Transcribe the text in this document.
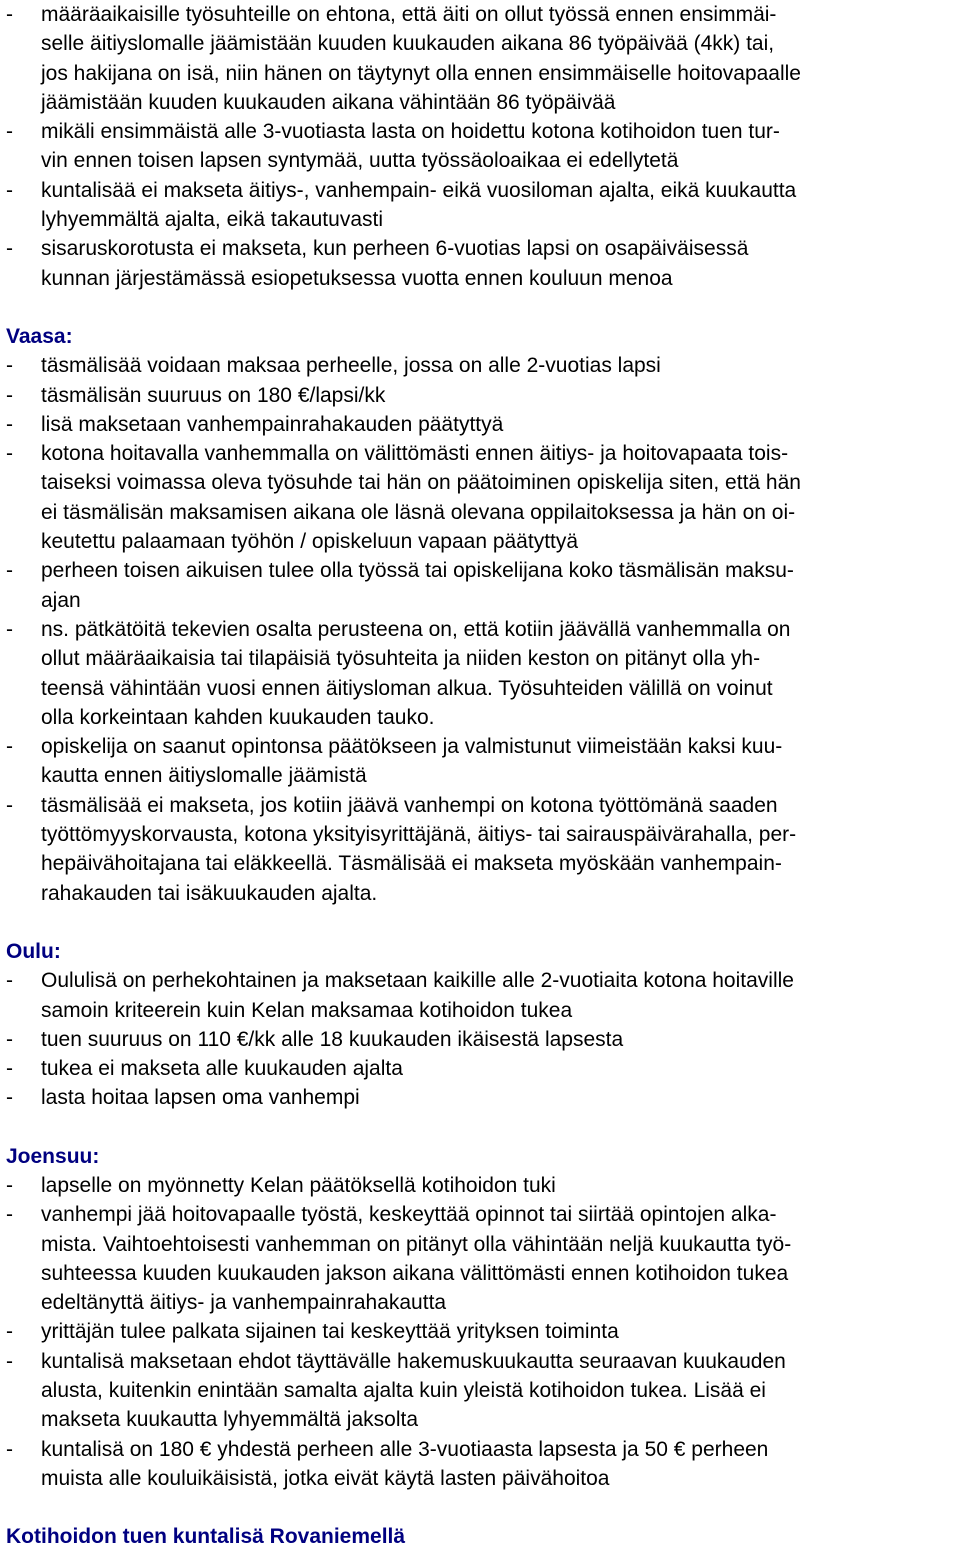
- määräaikaisille työsuhteille on ehtona, että äiti on ollut työssä ennen ensimmäi-
selle äitiyslomalle jäämistään kuuden kuukauden aikana 86 työpäivää (4kk) tai,
jos hakijana on isä, niin hänen on täytynyt olla ennen ensimmäiselle hoitovapaalle
jäämistään kuuden kuukauden aikana vähintään 86 työpäivää
- mikäli ensimmäistä alle 3-vuotiasta lasta on hoidettu kotona kotihoidon tuen tur-
vin ennen toisen lapsen syntymää, uutta työssäoloaikaa ei edellytetä
- kuntalisää ei makseta äitiys-, vanhempain- eikä vuosiloman ajalta, eikä kuukautta
lyhyemmältä ajalta, eikä takautuvasti
- sisaruskorotusta ei makseta, kun perheen 6-vuotias lapsi on osapäiväisessä
kunnan järjestämässä esiopetuksessa vuotta ennen kouluun menoa
Vaasa:
- täsmälisää voidaan maksaa perheelle, jossa on alle 2-vuotias lapsi
- täsmälisän suuruus on 180 €/lapsi/kk
- lisä maksetaan vanhempainrahakauden päätyttyä
- kotona hoitavalla vanhemmalla on välittömästi ennen äitiys- ja hoitovapaata tois-
taiseksi voimassa oleva työsuhde tai hän on päätoiminen opiskelija siten, että hän
ei täsmälisän maksamisen aikana ole läsnä olevana oppilaitoksessa ja hän on oi-
keutettu palaamaan työhön / opiskeluun vapaan päätyttyä
- perheen toisen aikuisen tulee olla työssä tai opiskelijana koko täsmälisän maksu-
ajan
- ns. pätkätöitä tekevien osalta perusteena on, että kotiin jäävällä vanhemmalla on
ollut määräaikaisia tai tilapäisiä työsuhteita ja niiden keston on pitänyt olla yh-
teensä vähintään vuosi ennen äitiysloman alkua. Työsuhteiden välillä on voinut
olla korkeintaan kahden kuukauden tauko.
- opiskelija on saanut opintonsa päätökseen ja valmistunut viimeistään kaksi kuu-
kautta ennen äitiyslomalle jäämistä
- täsmälisää ei makseta, jos kotiin jäävä vanhempi on kotona työttömänä saaden
työttömyyskorvausta, kotona yksityisyrittäjänä, äitiys- tai sairauspäivärahalla, per-
hepäivähoitajana tai eläkkeellä. Täsmälisää ei makseta myöskään vanhempain-
rahakauden tai isäkuukauden ajalta.
Oulu:
- Oululisä on perhekohtainen ja maksetaan kaikille alle 2-vuotiaita kotona hoitaville
samoin kriteerein kuin Kelan maksamaa kotihoidon tukea
- tuen suuruus on 110 €/kk alle 18 kuukauden ikäisestä lapsesta
- tukea ei makseta alle kuukauden ajalta
- lasta hoitaa lapsen oma vanhempi
Joensuu:
- lapselle on myönnetty Kelan päätöksellä kotihoidon tuki
- vanhempi jää hoitovapaalle työstä, keskeyttää opinnot tai siirtää opintojen alka-
mista. Vaihtoehtoisesti vanhemman on pitänyt olla vähintään neljä kuukautta työ-
suhteessa kuuden kuukauden jakson aikana välittömästi ennen kotihoidon tukea
edeltänyttä äitiys- ja vanhempainrahakautta
- yrittäjän tulee palkata sijainen tai keskeyttää yrityksen toiminta
- kuntalisä maksetaan ehdot täyttävälle hakemuskuukautta seuraavan kuukauden
alusta, kuitenkin enintään samalta ajalta kuin yleistä kotihoidon tukea. Lisää ei
makseta kuukautta lyhyemmältä jaksolta
- kuntalisä on 180 € yhdestä perheen alle 3-vuotiaasta lapsesta ja 50 € perheen
muista alle kouluikäisistä, jotka eivät käytä lasten päivähoitoa
Kotihoidon tuen kuntalisä Rovaniemellä
